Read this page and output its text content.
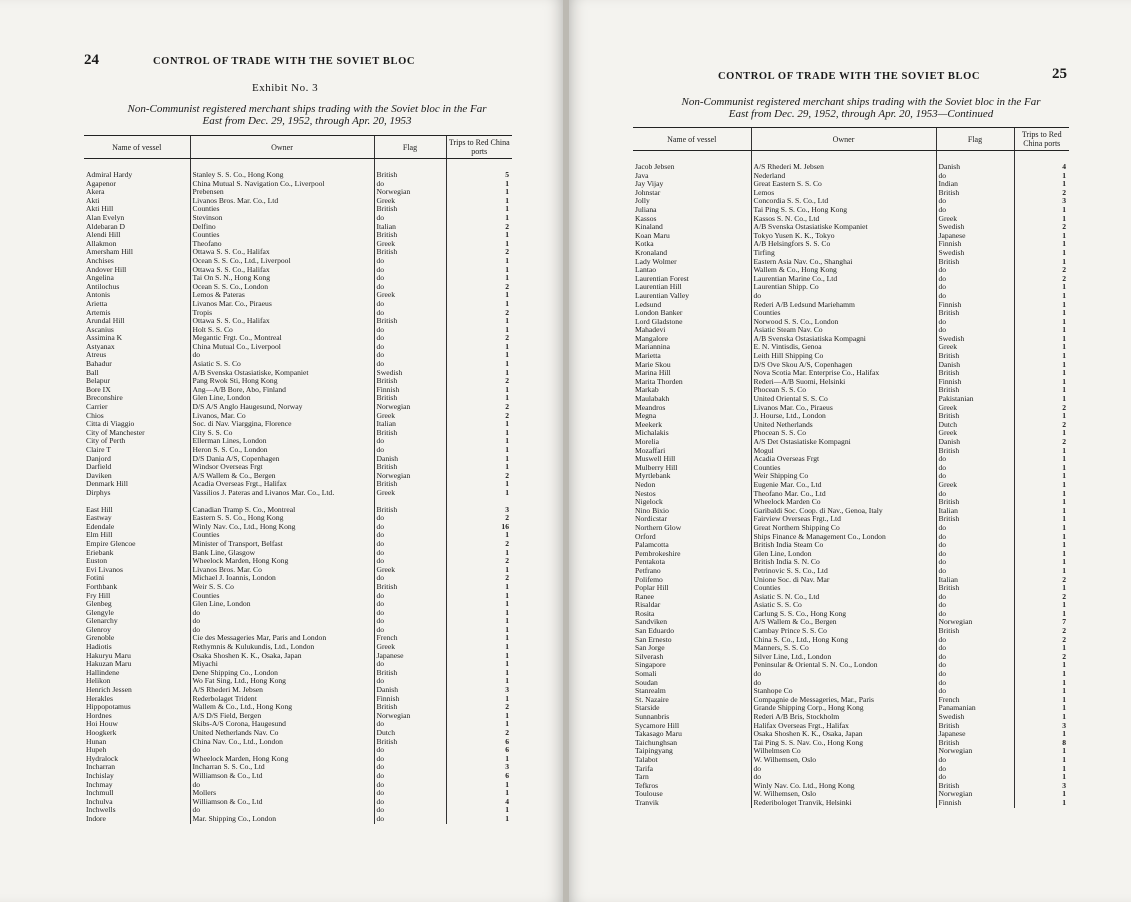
24	CONTROL OF TRADE WITH THE SOVIET BLOC
Exhibit No. 3
Non-Communist registered merchant ships trading with the Soviet bloc in the Far
East from Dec. 29, 1952, through Apr. 20, 1953
Name of vessel	Owner	Flag	Trips to Red China ports

Admiral Hardy	Stanley S. S. Co., Hong Kong	British	5
Agapenor	China Mutual S. Navigation Co., Liverpool	do	1
Akera	Prebensen	Norwegian	1
Akti	Livanos Bros. Mar. Co., Ltd	Greek	1
Akti Hill	Counties	British	1
Alan Evelyn	Stevinson	do	1
Aldebaran D	Delfino	Italian	2
Alendi Hill	Counties	British	1
Allakmon	Theofano	Greek	1
Amersham Hill	Ottawa S. S. Co., Halifax	British	2
Anchises	Ocean S. S. Co., Ltd., Liverpool	do	1
Andover Hill	Ottawa S. S. Co., Halifax	do	1
Angelina	Tai On S. N., Hong Kong	do	1
Antilochus	Ocean S. S. Co., London	do	2
Antonis	Lemos & Pateras	Greek	1
Arietta	Livanos Mar. Co., Piraeus	do	1
Artemis	Tropis	do	2
Arundal Hill	Ottawa S. S. Co., Halifax	British	1
Ascanius	Holt S. S. Co	do	1
Assimina K	Megantic Frgt. Co., Montreal	do	2
Astyanax	China Mutual Co., Liverpool	do	1
Atreus	do	do	1
Bahadur	Asiatic S. S. Co	do	1
Ball	A/B Svenska Ostasiatiske, Kompaniet	Swedish	1
Belapur	Pang Rwok Sti, Hong Kong	British	2
Bore IX	Ang—A/B Bore, Abo, Finland	Finnish	1
Breconshire	Glen Line, London	British	1
Carrier	D/S A/S Anglo Haugesund, Norway	Norwegian	2
Chios	Livanos, Mar. Co	Greek	2
Citta di Viaggio	Soc. di Nav. Viarggina, Florence	Italian	1
City of Manchester	City S. S. Co	British	1
City of Perth	Ellerman Lines, London	do	1
Claire T	Heron S. S. Co., London	do	1
Danjord	D/S Dania A/S, Copenhagen	Danish	1
Darfield	Windsor Overseas Frgt	British	1
Daviken	A/S Wallem & Co., Bergen	Norwegian	2
Denmark Hill	Acadia Overseas Frgt., Halifax	British	1
Dirphys	Vassilios J. Pateras and Livanos Mar. Co., Ltd.	Greek	1

East Hill	Canadian Tramp S. Co., Montreal	British	3
Eastway	Eastern S. S. Co., Hong Kong	do	2
Edendale	Winly Nav. Co., Ltd., Hong Kong	do	16
Elm Hill	Counties	do	1
Empire Glencoe	Minister of Transport, Belfast	do	2
Eriebank	Bank Line, Glasgow	do	1
Euston	Wheelock Marden, Hong Kong	do	2
Evi Livanos	Livanos Bros. Mar. Co	Greek	1
Fotini	Michael J. Ioannis, London	do	2
Forthbank	Weir S. S. Co	British	1
Fry Hill	Counties	do	1
Glenbeg	Glen Line, London	do	1
Glengyle	do	do	1
Glenarchy	do	do	1
Glenroy	do	do	1
Grenoble	Cie des Messageries Mar, Paris and London	French	1
Hadiotis	Rethymnis & Kulukundis, Ltd., London	Greek	1
Hakuryu Maru	Osaka Shoshen K. K., Osaka, Japan	Japanese	1
Hakuzan Maru	Miyachi	do	1
Hallindene	Dene Shipping Co., London	British	1
Helikon	Wo Fat Sing, Ltd., Hong Kong	do	1
Henrich Jessen	A/S Rhederi M. Jebsen	Danish	3
Herakles	Rederbolaget Trident	Finnish	1
Hippopotamus	Wallem & Co., Ltd., Hong Kong	British	2
Hordnes	A/S D/S Field, Bergen	Norwegian	1
Hoi Houw	Skibs-A/S Corona, Haugesund	do	1
Hoogkerk	United Netherlands Nav. Co	Dutch	2
Hunan	China Nav. Co., Ltd., London	British	6
Hupeh	do	do	6
Hydralock	Wheelock Marden, Hong Kong	do	1
Incharran	Incharran S. S. Co., Ltd	do	3
Inchislay	Williamson & Co., Ltd	do	6
Inchmay	do	do	1
Inchmull	Mollers	do	1
Inchulva	Williamson & Co., Ltd	do	4
Inchwells	do	do	1
Indore	Mar. Shipping Co., London	do	1
CONTROL OF TRADE WITH THE SOVIET BLOC	25
Non-Communist registered merchant ships trading with the Soviet bloc in the Far
East from Dec. 29, 1952, through Apr. 20, 1953—Continued
Name of vessel	Owner	Flag	Trips to Red China ports

Jacob Jebsen	A/S Rhederi M. Jebsen	Danish	4
Java	Nederland	do	1
Jay Vijay	Great Eastern S. S. Co	Indian	1
Johnstar	Lemos	British	2
Jolly	Concordia S. S. Co., Ltd	do	3
Juliana	Tai Ping S. S. Co., Hong Kong	do	1
Kassos	Kassos S. N. Co., Ltd	Greek	1
Kinaland	A/B Svenska Ostasiatiske Kompaniet	Swedish	2
Koan Maru	Tokyo Yusen K. K., Tokyo	Japanese	1
Kotka	A/B Helsingfors S. S. Co	Finnish	1
Kronaland	Tirfing	Swedish	1
Lady Wolmer	Eastern Asia Nav. Co., Shanghai	British	1
Lantao	Wallem & Co., Hong Kong	do	2
Laurentian Forest	Laurentian Marine Co., Ltd	do	2
Laurentian Hill	Laurentian Shipp. Co	do	1
Laurentian Valley	do	do	1
Ledsund	Rederi A/B Ledsund Mariehamm	Finnish	1
London Banker	Counties	British	1
Lord Gladstone	Norwood S. S. Co., London	do	1
Mahadevi	Asiatic Steam Nav. Co	do	1
Mangalore	A/B Svenska Ostasiatiska Kompagni	Swedish	1
Mariannina	E. N. Vintisdis, Genoa	Greek	1
Marietta	Leith Hill Shipping Co	British	1
Marie Skou	D/S Ove Skou A/S, Copenhagen	Danish	1
Marina Hill	Nova Scotia Mar. Enterprise Co., Halifax	British	1
Marita Thorden	Rederi—A/B Suomi, Helsinki	Finnish	1
Markab	Phocean S. S. Co	British	1
Maulabakh	United Oriental S. S. Co	Pakistanian	1
Meandros	Livanos Mar. Co., Piraeus	Greek	2
Megna	J. Hourse, Ltd., London	British	1
Meekerk	United Netherlands	Dutch	2
Michalakis	Phocean S. S. Co	Greek	1
Morelia	A/S Det Ostasiatiske Kompagni	Danish	2
Mozaffari	Mogul	British	1
Muswell Hill	Acadia Overseas Frgt	do	1
Mulberry Hill	Counties	do	1
Myrtlebank	Weir Shipping Co	do	1
Nedon	Eugenie Mar. Co., Ltd	Greek	1
Nestos	Theofano Mar. Co., Ltd	do	1
Nigelock	Wheelock Marden Co	British	1
Nino Bixio	Garibaldi Soc. Coop. di Nav., Genoa, Italy	Italian	1
Nordicstar	Fairview Overseas Frgt., Ltd	British	1
Northern Glow	Great Northern Shipping Co	do	1
Orford	Ships Finance & Management Co., London	do	1
Palamcotta	British India Steam Co	do	1
Pembrokeshire	Glen Line, London	do	1
Pentakota	British India S. N. Co	do	1
Petfrano	Petrinovic S. S. Co., Ltd	do	1
Polifemo	Unione Soc. di Nav. Mar	Italian	2
Poplar Hill	Counties	British	1
Ranee	Asiatic S. N. Co., Ltd	do	2
Risaldar	Asiatic S. S. Co	do	1
Rosita	Carlung S. S. Co., Hong Kong	do	1
Sandviken	A/S Wallem & Co., Bergen	Norwegian	7
San Eduardo	Cambay Prince S. S. Co	British	2
San Ernesto	China S. Co., Ltd., Hong Kong	do	2
San Jorge	Manners, S. S. Co	do	1
Silverash	Silver Line, Ltd., London	do	2
Singapore	Peninsular & Oriental S. N. Co., London	do	1
Somali	do	do	1
Soudan	do	do	1
Stanrealm	Stanhope Co	do	1
St. Nazaire	Compagnie de Messageries, Mar., Paris	French	1
Starside	Grande Shipping Corp., Hong Kong	Panamanian	1
Sunnanbris	Rederi A/B Bris, Stockholm	Swedish	1
Sycamore Hill	Halifax Overseas Frgt., Halifax	British	3
Takasago Maru	Osaka Shoshen K. K., Osaka, Japan	Japanese	1
Taichunghsan	Tai Ping S. S. Nav. Co., Hong Kong	British	8
Taipingyang	Wilhelmsen Co	Norwegian	1
Talabot	W. Wilhemsen, Oslo	do	1
Tarifa	do	do	1
Tarn	do	do	1
Tefkros	Winly Nav. Co. Ltd., Hong Kong	British	3
Toulouse	W. Wilhemsen, Oslo	Norwegian	1
Tranvik	Rederibologet Tranvik, Helsinki	Finnish	1
